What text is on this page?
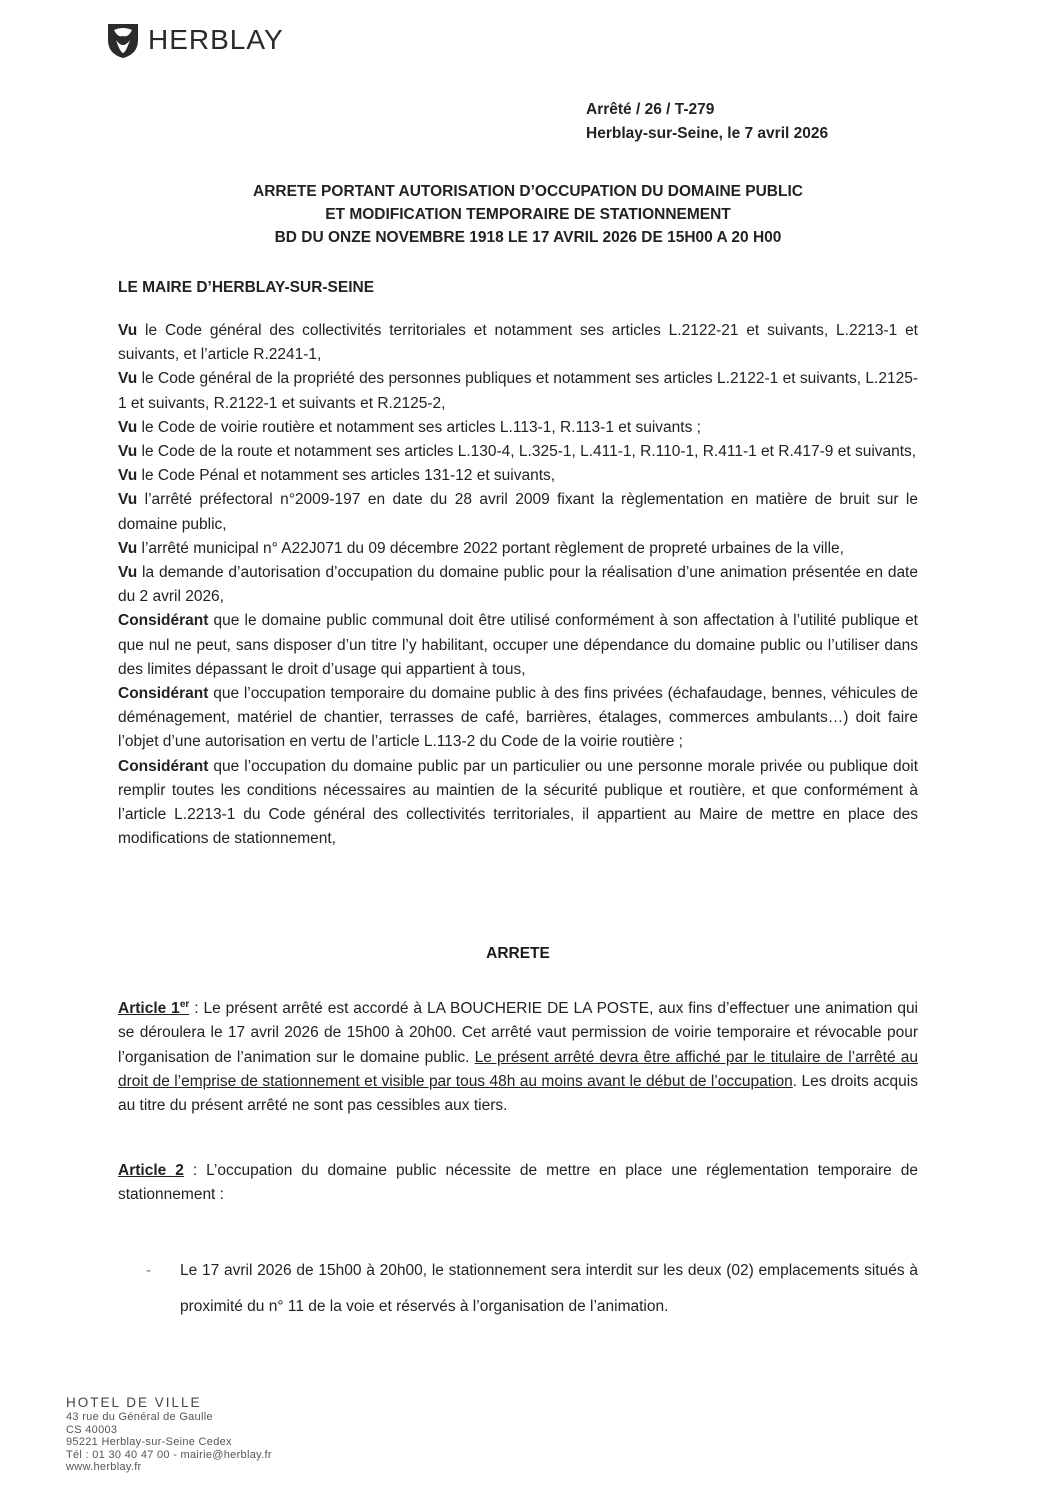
HERBLAY
Arrêté / 26 / T-279
Herblay-sur-Seine, le 7 avril 2026
ARRETE PORTANT AUTORISATION D’OCCUPATION DU DOMAINE PUBLIC
ET MODIFICATION TEMPORAIRE DE STATIONNEMENT
BD DU ONZE NOVEMBRE 1918 LE 17 AVRIL 2026 DE 15H00 A 20 H00
LE MAIRE D’HERBLAY-SUR-SEINE

Vu le Code général des collectivités territoriales et notamment ses articles L.2122-21 et suivants, L.2213-1 et suivants, et l’article R.2241-1,

Vu le Code général de la propriété des personnes publiques et notamment ses articles L.2122-1 et suivants, L.2125-1 et suivants, R.2122-1 et suivants et R.2125-2,

Vu le Code de voirie routière et notamment ses articles L.113-1, R.113-1 et suivants ;

Vu le Code de la route et notamment ses articles L.130-4, L.325-1, L.411-1, R.110-1, R.411-1 et R.417-9 et suivants,

Vu le Code Pénal et notamment ses articles 131-12 et suivants,

Vu l’arrêté préfectoral n°2009-197 en date du 28 avril 2009 fixant la règlementation en matière de bruit sur le domaine public,

Vu l’arrêté municipal n° A22J071 du 09 décembre 2022 portant règlement de propreté urbaines de la ville,

Vu la demande d’autorisation d’occupation du domaine public pour la réalisation d’une animation présentée en date du 2 avril 2026,

Considérant que le domaine public communal doit être utilisé conformément à son affectation à l’utilité publique et que nul ne peut, sans disposer d’un titre l’y habilitant, occuper une dépendance du domaine public ou l’utiliser dans des limites dépassant le droit d’usage qui appartient à tous,

Considérant que l’occupation temporaire du domaine public à des fins privées (échafaudage, bennes, véhicules de déménagement, matériel de chantier, terrasses de café, barrières, étalages, commerces ambulants…) doit faire l’objet d’une autorisation en vertu de l’article L.113-2 du Code de la voirie routière ;

Considérant que l’occupation du domaine public par un particulier ou une personne morale privée ou publique doit remplir toutes les conditions nécessaires au maintien de la sécurité publique et routière, et que conformément à l’article L.2213-1 du Code général des collectivités territoriales, il appartient au Maire de mettre en place des modifications de stationnement,

ARRETE
Article 1er : Le présent arrêté est accordé à LA BOUCHERIE DE LA POSTE, aux fins d’effectuer une animation qui se déroulera le 17 avril 2026 de 15h00 à 20h00. Cet arrêté vaut permission de voirie temporaire et révocable pour l’organisation de l’animation sur le domaine public. Le présent arrêté devra être affiché par le titulaire de l’arrêté au droit de l’emprise de stationnement et visible par tous 48h au moins avant le début de l’occupation. Les droits acquis au titre du présent arrêté ne sont pas cessibles aux tiers.
Article 2 : L’occupation du domaine public nécessite de mettre en place une réglementation temporaire de stationnement :
- Le 17 avril 2026 de 15h00 à 20h00, le stationnement sera interdit sur les deux (02) emplacements situés à proximité du n° 11 de la voie et réservés à l’organisation de l’animation.
HOTEL DE VILLE
43 rue du Général de Gaulle
CS 40003
95221 Herblay-sur-Seine Cedex
Tél : 01 30 40 47 00 - mairie@herblay.fr
www.herblay.fr
